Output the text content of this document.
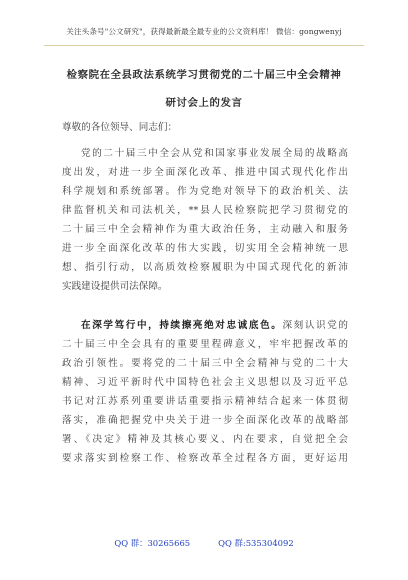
关注头条号"公文研究"，获得最新最全最专业的公文资料库！ 微信：gongwenyj
检察院在全县政法系统学习贯彻党的二十届三中全会精神
研讨会上的发言
尊敬的各位领导、同志们：
党的二十届三中全会从党和国家事业发展全局的战略高
度出发，对进一步全面深化改革、推进中国式现代化作出
科学规划和系统部署。作为党绝对领导下的政治机关、法
律监督机关和司法机关，**县人民检察院把学习贯彻党的
二十届三中全会精神作为重大政治任务，主动融入和服务
进一步全面深化改革的伟大实践，切实用全会精神统一思
想、指引行动，以高质效检察履职为中国式现代化的新沛
实践建设提供司法保障。
在深学笃行中，持续擦亮绝对忠诚底色。深刻认识党的
二十届三中全会具有的重要里程碑意义，牢牢把握改革的
政治引领性。要将党的二十届三中全会精神与党的二十大
精神、习近平新时代中国特色社会主义思想以及习近平总
书记对江苏系列重要讲话重要指示精神结合起来一体贯彻
落实，准确把握党中央关于进一步全面深化改革的战略部
署、《决定》精神及其核心要义、内在要求，自觉把全会
要求落实到检察工作、检察改革全过程各方面，更好运用
QQ 群：30265665	QQ 群:535304092
